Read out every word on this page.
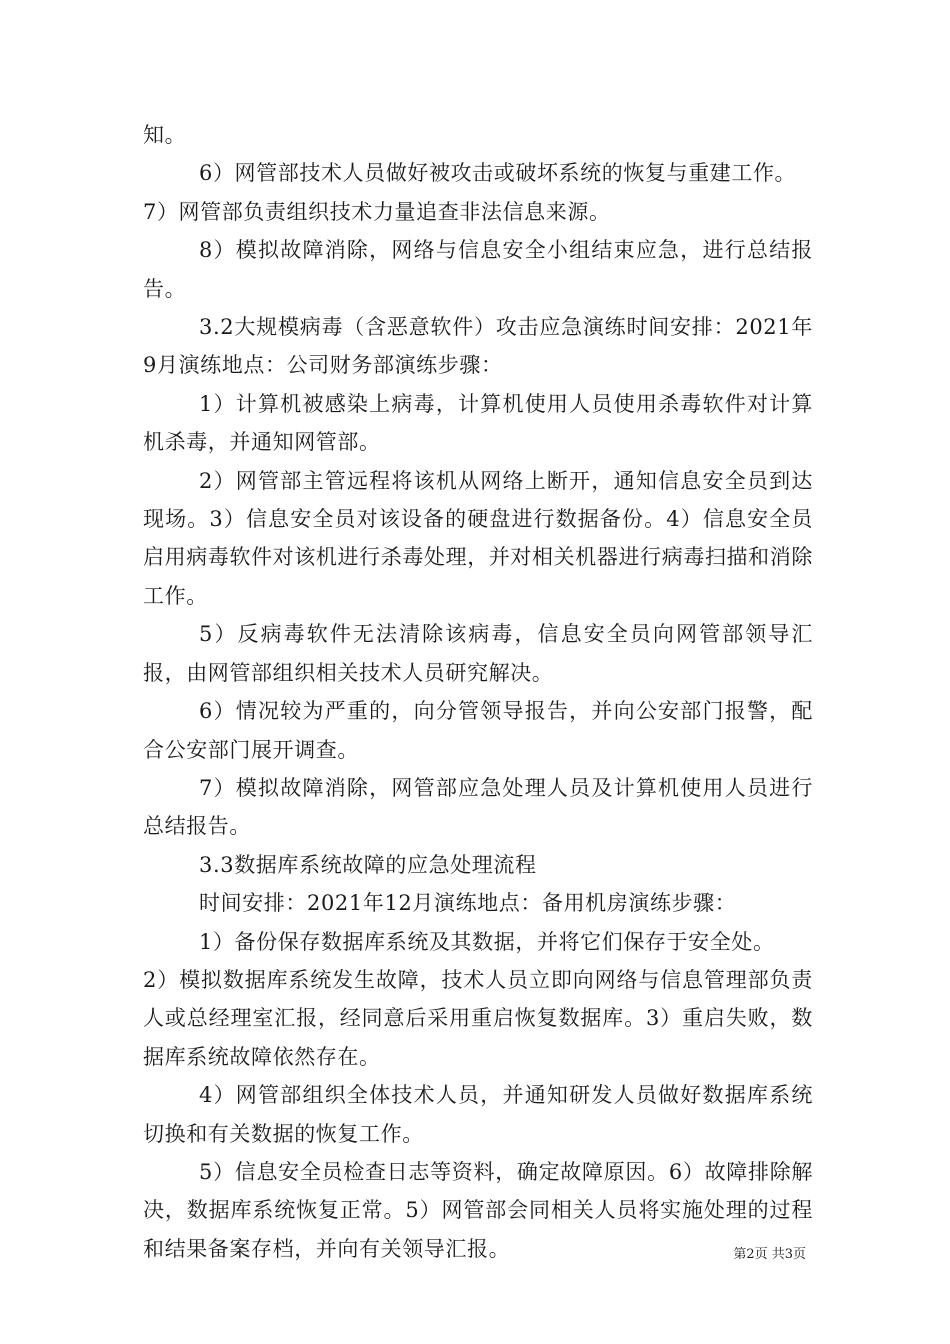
知。

6）网管部技术人员做好被攻击或破坏系统的恢复与重建工作。

7）网管部负责组织技术力量追查非法信息来源。

8）模拟故障消除，网络与信息安全小组结束应急，进行总结报告。

3.2大规模病毒（含恶意软件）攻击应急演练时间安排：2021年9月演练地点：公司财务部演练步骤：

1）计算机被感染上病毒，计算机使用人员使用杀毒软件对计算机杀毒，并通知网管部。

2）网管部主管远程将该机从网络上断开，通知信息安全员到达现场。3）信息安全员对该设备的硬盘进行数据备份。4）信息安全员启用病毒软件对该机进行杀毒处理，并对相关机器进行病毒扫描和消除工作。

5）反病毒软件无法清除该病毒，信息安全员向网管部领导汇报，由网管部组织相关技术人员研究解决。

6）情况较为严重的，向分管领导报告，并向公安部门报警，配合公安部门展开调查。

7）模拟故障消除，网管部应急处理人员及计算机使用人员进行总结报告。

3.3数据库系统故障的应急处理流程

时间安排：2021年12月演练地点：备用机房演练步骤：

1）备份保存数据库系统及其数据，并将它们保存于安全处。

2）模拟数据库系统发生故障，技术人员立即向网络与信息管理部负责人或总经理室汇报，经同意后采用重启恢复数据库。3）重启失败，数据库系统故障依然存在。

4）网管部组织全体技术人员，并通知研发人员做好数据库系统切换和有关数据的恢复工作。

5）信息安全员检查日志等资料，确定故障原因。6）故障排除解决，数据库系统恢复正常。5）网管部会同相关人员将实施处理的过程和结果备案存档，并向有关领导汇报。	第2页 共3页
